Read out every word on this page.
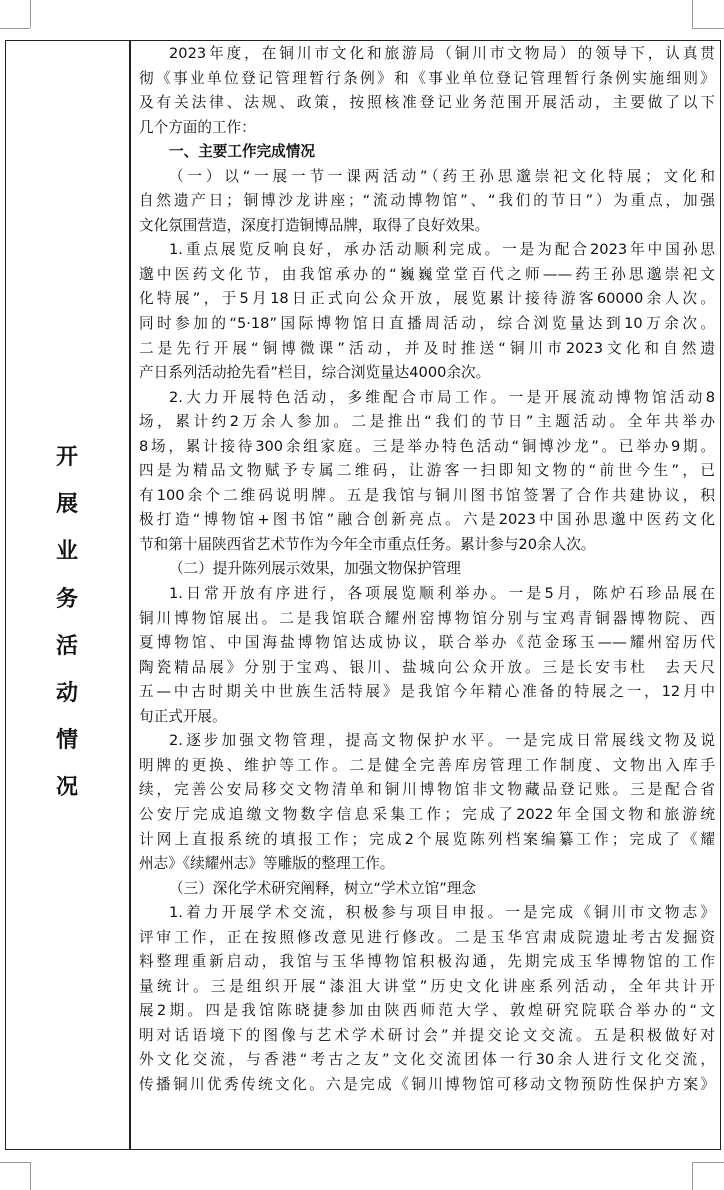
开
展
业
务
活
动
情
况
2023年度，在铜川市文化和旅游局（铜川市文物局）的领导下，认真贯
彻《事业单位登记管理暂行条例》和《事业单位登记管理暂行条例实施细则》
及有关法律、法规、政策，按照核准登记业务范围开展活动，主要做了以下
几个方面的工作：
一、主要工作完成情况
（一）以“一展一节一课两活动”（药王孙思邈崇祀文化特展；文化和
自然遗产日；铜博沙龙讲座；“流动博物馆”、“我们的节日”）为重点，加强
文化氛围营造，深度打造铜博品牌，取得了良好效果。
1.重点展览反响良好，承办活动顺利完成。一是为配合2023年中国孙思
邈中医药文化节，由我馆承办的“巍巍堂堂百代之师——药王孙思邈崇祀文
化特展”，于5月18日正式向公众开放，展览累计接待游客60000余人次。
同时参加的“5·18”国际博物馆日直播周活动，综合浏览量达到10万余次。
二是先行开展“铜博微课”活动，并及时推送“铜川市2023文化和自然遗
产日系列活动抢先看”栏目，综合浏览量达4000余次。
2.大力开展特色活动，多维配合市局工作。一是开展流动博物馆活动8
场，累计约2万余人参加。二是推出“我们的节日”主题活动。全年共举办
8场，累计接待300余组家庭。三是举办特色活动“铜博沙龙”。已举办9期。
四是为精品文物赋予专属二维码，让游客一扫即知文物的“前世今生”，已
有100余个二维码说明牌。五是我馆与铜川图书馆签署了合作共建协议，积
极打造“博物馆+图书馆”融合创新亮点。六是2023中国孙思邈中医药文化
节和第十届陕西省艺术节作为今年全市重点任务。累计参与20余人次。
（二）提升陈列展示效果，加强文物保护管理
1.日常开放有序进行，各项展览顺利举办。一是5月，陈炉石珍品展在
铜川博物馆展出。二是我馆联合耀州窑博物馆分别与宝鸡青铜器博物院、西
夏博物馆、中国海盐博物馆达成协议，联合举办《范金琢玉——耀州窑历代
陶瓷精品展》分别于宝鸡、银川、盐城向公众开放。三是长安韦杜　去天尺
五—中古时期关中世族生活特展》是我馆今年精心准备的特展之一，12月中
旬正式开展。
2.逐步加强文物管理，提高文物保护水平。一是完成日常展线文物及说
明牌的更换、维护等工作。二是健全完善库房管理工作制度、文物出入库手
续，完善公安局移交文物清单和铜川博物馆非文物藏品登记账。三是配合省
公安厅完成追缴文物数字信息采集工作；完成了2022年全国文物和旅游统
计网上直报系统的填报工作；完成2个展览陈列档案编纂工作；完成了《耀
州志》《续耀州志》等雕版的整理工作。
（三）深化学术研究阐释，树立“学术立馆”理念
1.着力开展学术交流，积极参与项目申报。一是完成《铜川市文物志》
评审工作，正在按照修改意见进行修改。二是玉华宫肃成院遗址考古发掘资
料整理重新启动，我馆与玉华博物馆积极沟通，先期完成玉华博物馆的工作
量统计。三是组织开展“漆沮大讲堂”历史文化讲座系列活动，全年共计开
展2期。四是我馆陈晓捷参加由陕西师范大学、敦煌研究院联合举办的“文
明对话语境下的图像与艺术学术研讨会”并提交论文交流。五是积极做好对
外文化交流，与香港“考古之友”文化交流团体一行30余人进行文化交流，
传播铜川优秀传统文化。六是完成《铜川博物馆可移动文物预防性保护方案》
